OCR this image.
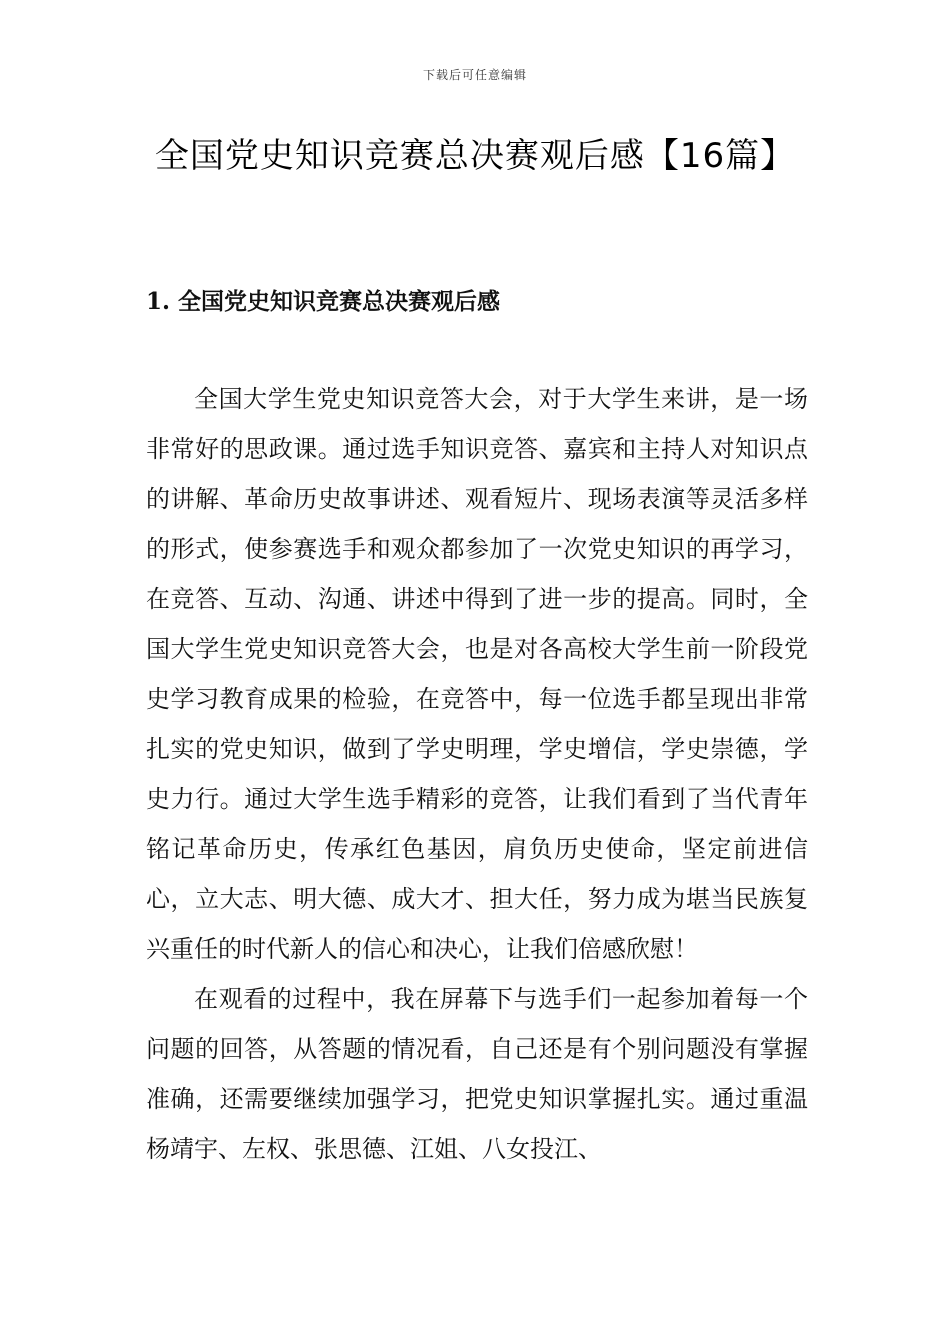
下载后可任意编辑
全国党史知识竞赛总决赛观后感【16篇】
1. 全国党史知识竞赛总决赛观后感

全国大学生党史知识竞答大会，对于大学生来讲，是一场非常好的思政课。通过选手知识竞答、嘉宾和主持人对知识点的讲解、革命历史故事讲述、观看短片、现场表演等灵活多样的形式，使参赛选手和观众都参加了一次党史知识的再学习，在竞答、互动、沟通、讲述中得到了进一步的提高。同时，全国大学生党史知识竞答大会，也是对各高校大学生前一阶段党史学习教育成果的检验，在竞答中，每一位选手都呈现出非常扎实的党史知识，做到了学史明理，学史增信，学史崇德，学史力行。通过大学生选手精彩的竞答，让我们看到了当代青年铭记革命历史，传承红色基因，肩负历史使命，坚定前进信心，立大志、明大德、成大才、担大任，努力成为堪当民族复兴重任的时代新人的信心和决心，让我们倍感欣慰！

在观看的过程中，我在屏幕下与选手们一起参加着每一个问题的回答，从答题的情况看，自己还是有个别问题没有掌握准确，还需要继续加强学习，把党史知识掌握扎实。通过重温杨靖宇、左权、张思德、江姐、八女投江、
